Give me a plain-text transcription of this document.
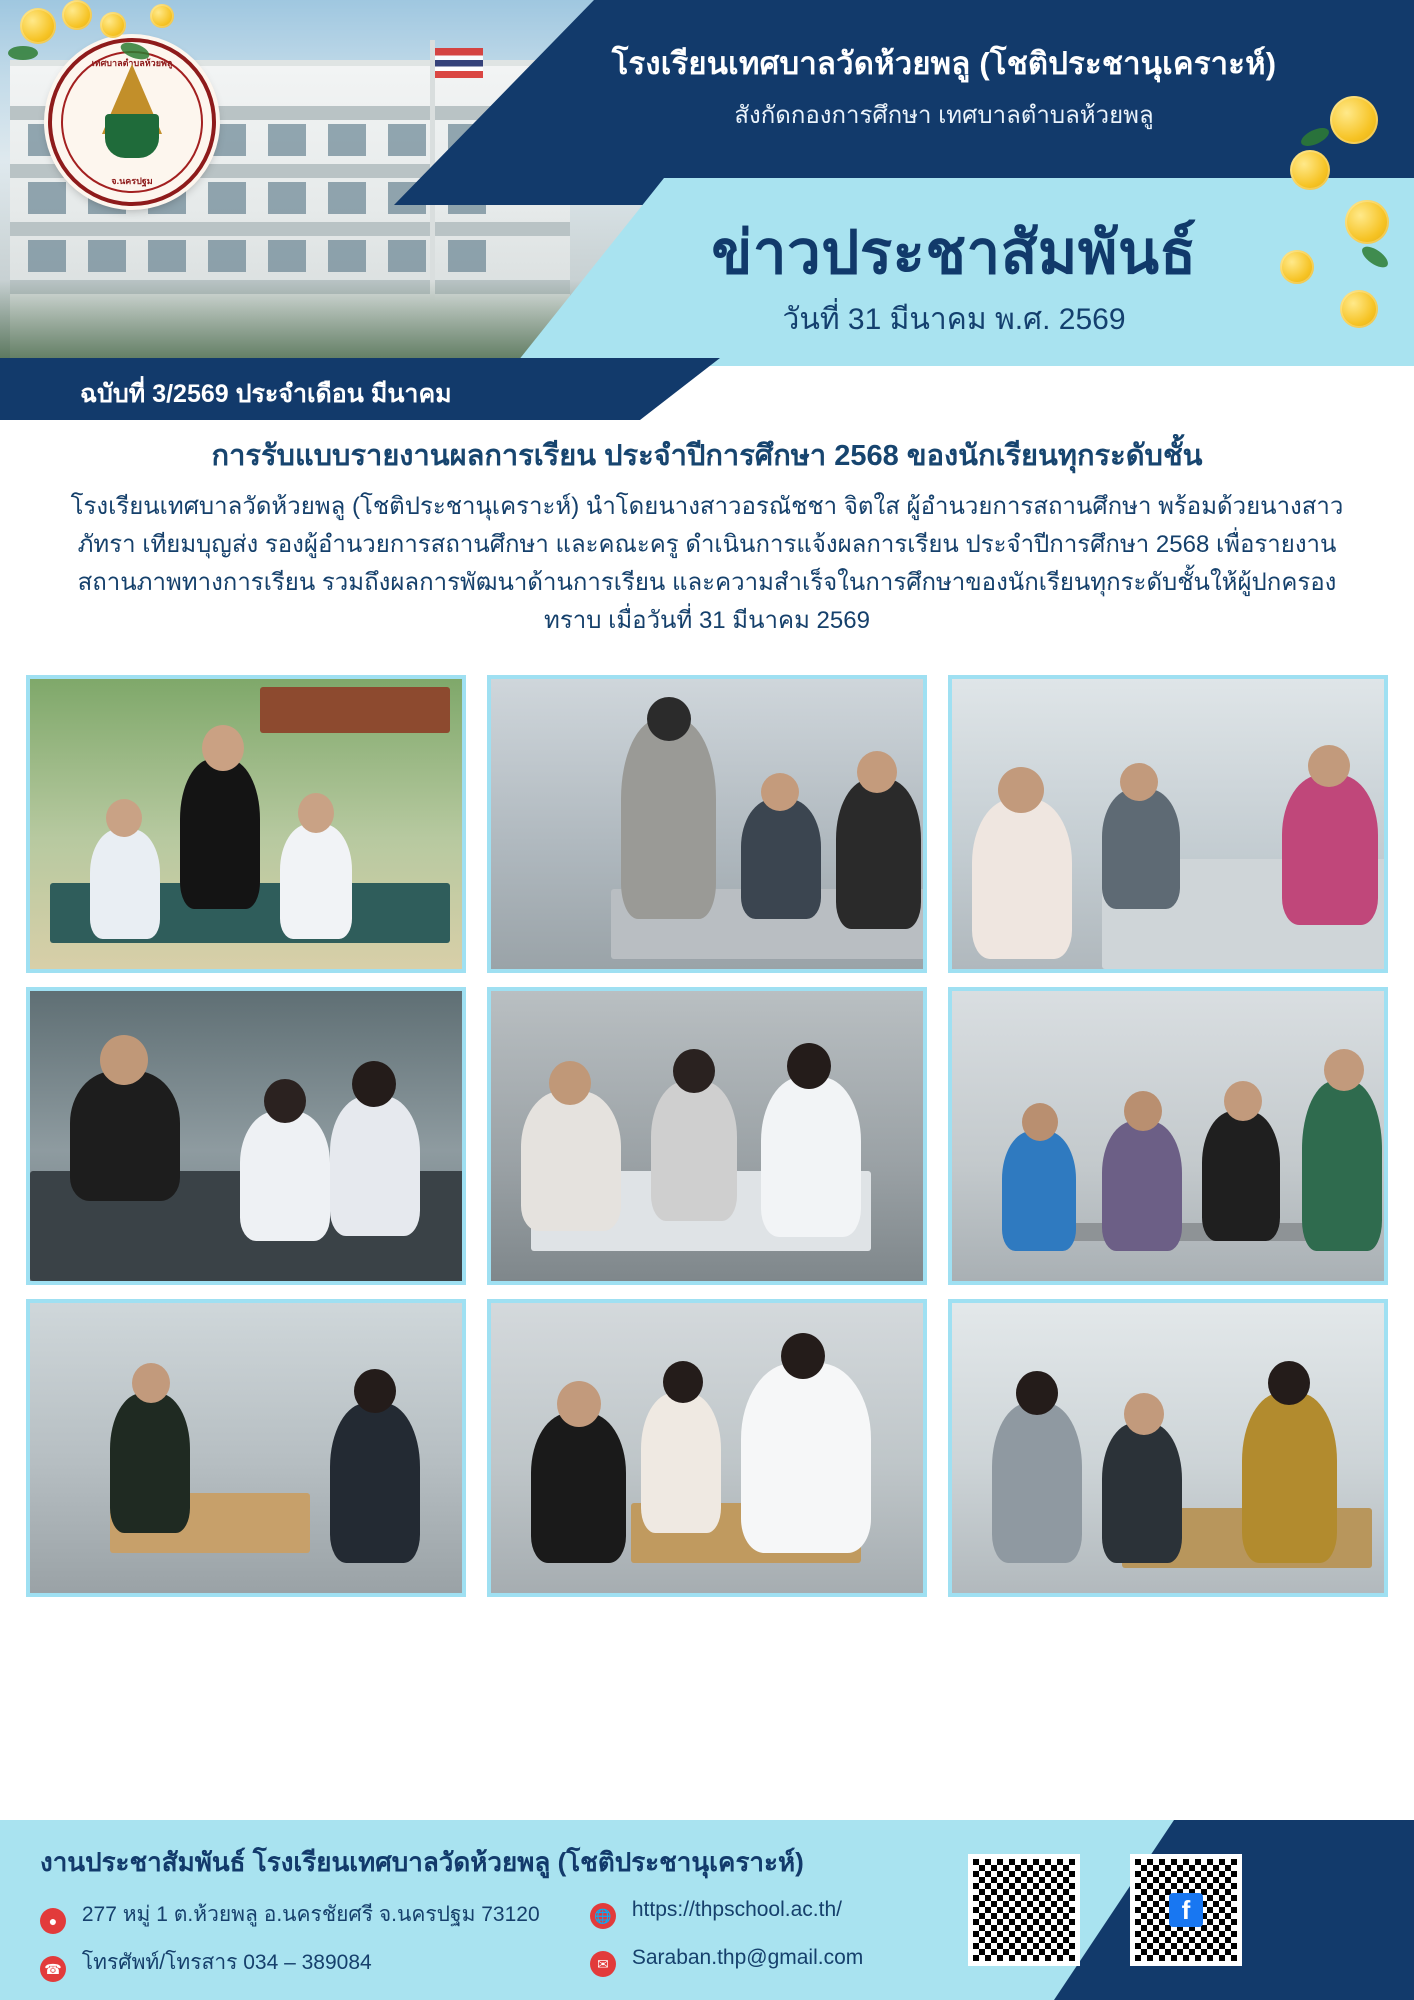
โรงเรียนเทศบาลวัดห้วยพลู (โชติประชานุเคราะห์)
สังกัดกองการศึกษา เทศบาลตำบลห้วยพลู
ข่าวประชาสัมพันธ์
วันที่ 31 มีนาคม พ.ศ. 2569
ฉบับที่ 3/2569 ประจำเดือน มีนาคม
เทศบาลตำบลห้วยพลู
จ.นครปฐม
การรับแบบรายงานผลการเรียน ประจำปีการศึกษา 2568 ของนักเรียนทุกระดับชั้น
โรงเรียนเทศบาลวัดห้วยพลู (โชติประชานุเคราะห์) นำโดยนางสาวอรณัชชา จิตใส ผู้อำนวยการสถานศึกษา พร้อมด้วยนางสาวภัทรา เทียมบุญส่ง รองผู้อำนวยการสถานศึกษา และคณะครู ดำเนินการแจ้งผลการเรียน ประจำปีการศึกษา 2568 เพื่อรายงานสถานภาพทางการเรียน รวมถึงผลการพัฒนาด้านการเรียน และความสำเร็จในการศึกษาของนักเรียนทุกระดับชั้นให้ผู้ปกครองทราบ เมื่อวันที่ 31 มีนาคม 2569
งานประชาสัมพันธ์ โรงเรียนเทศบาลวัดห้วยพลู (โชติประชานุเคราะห์)
● 277 หมู่ 1 ต.ห้วยพลู อ.นครชัยศรี จ.นครปฐม 73120
☎ โทรศัพท์/โทรสาร 034 – 389084
🌐 https://thpschool.ac.th/
✉ Saraban.thp@gmail.com
f
